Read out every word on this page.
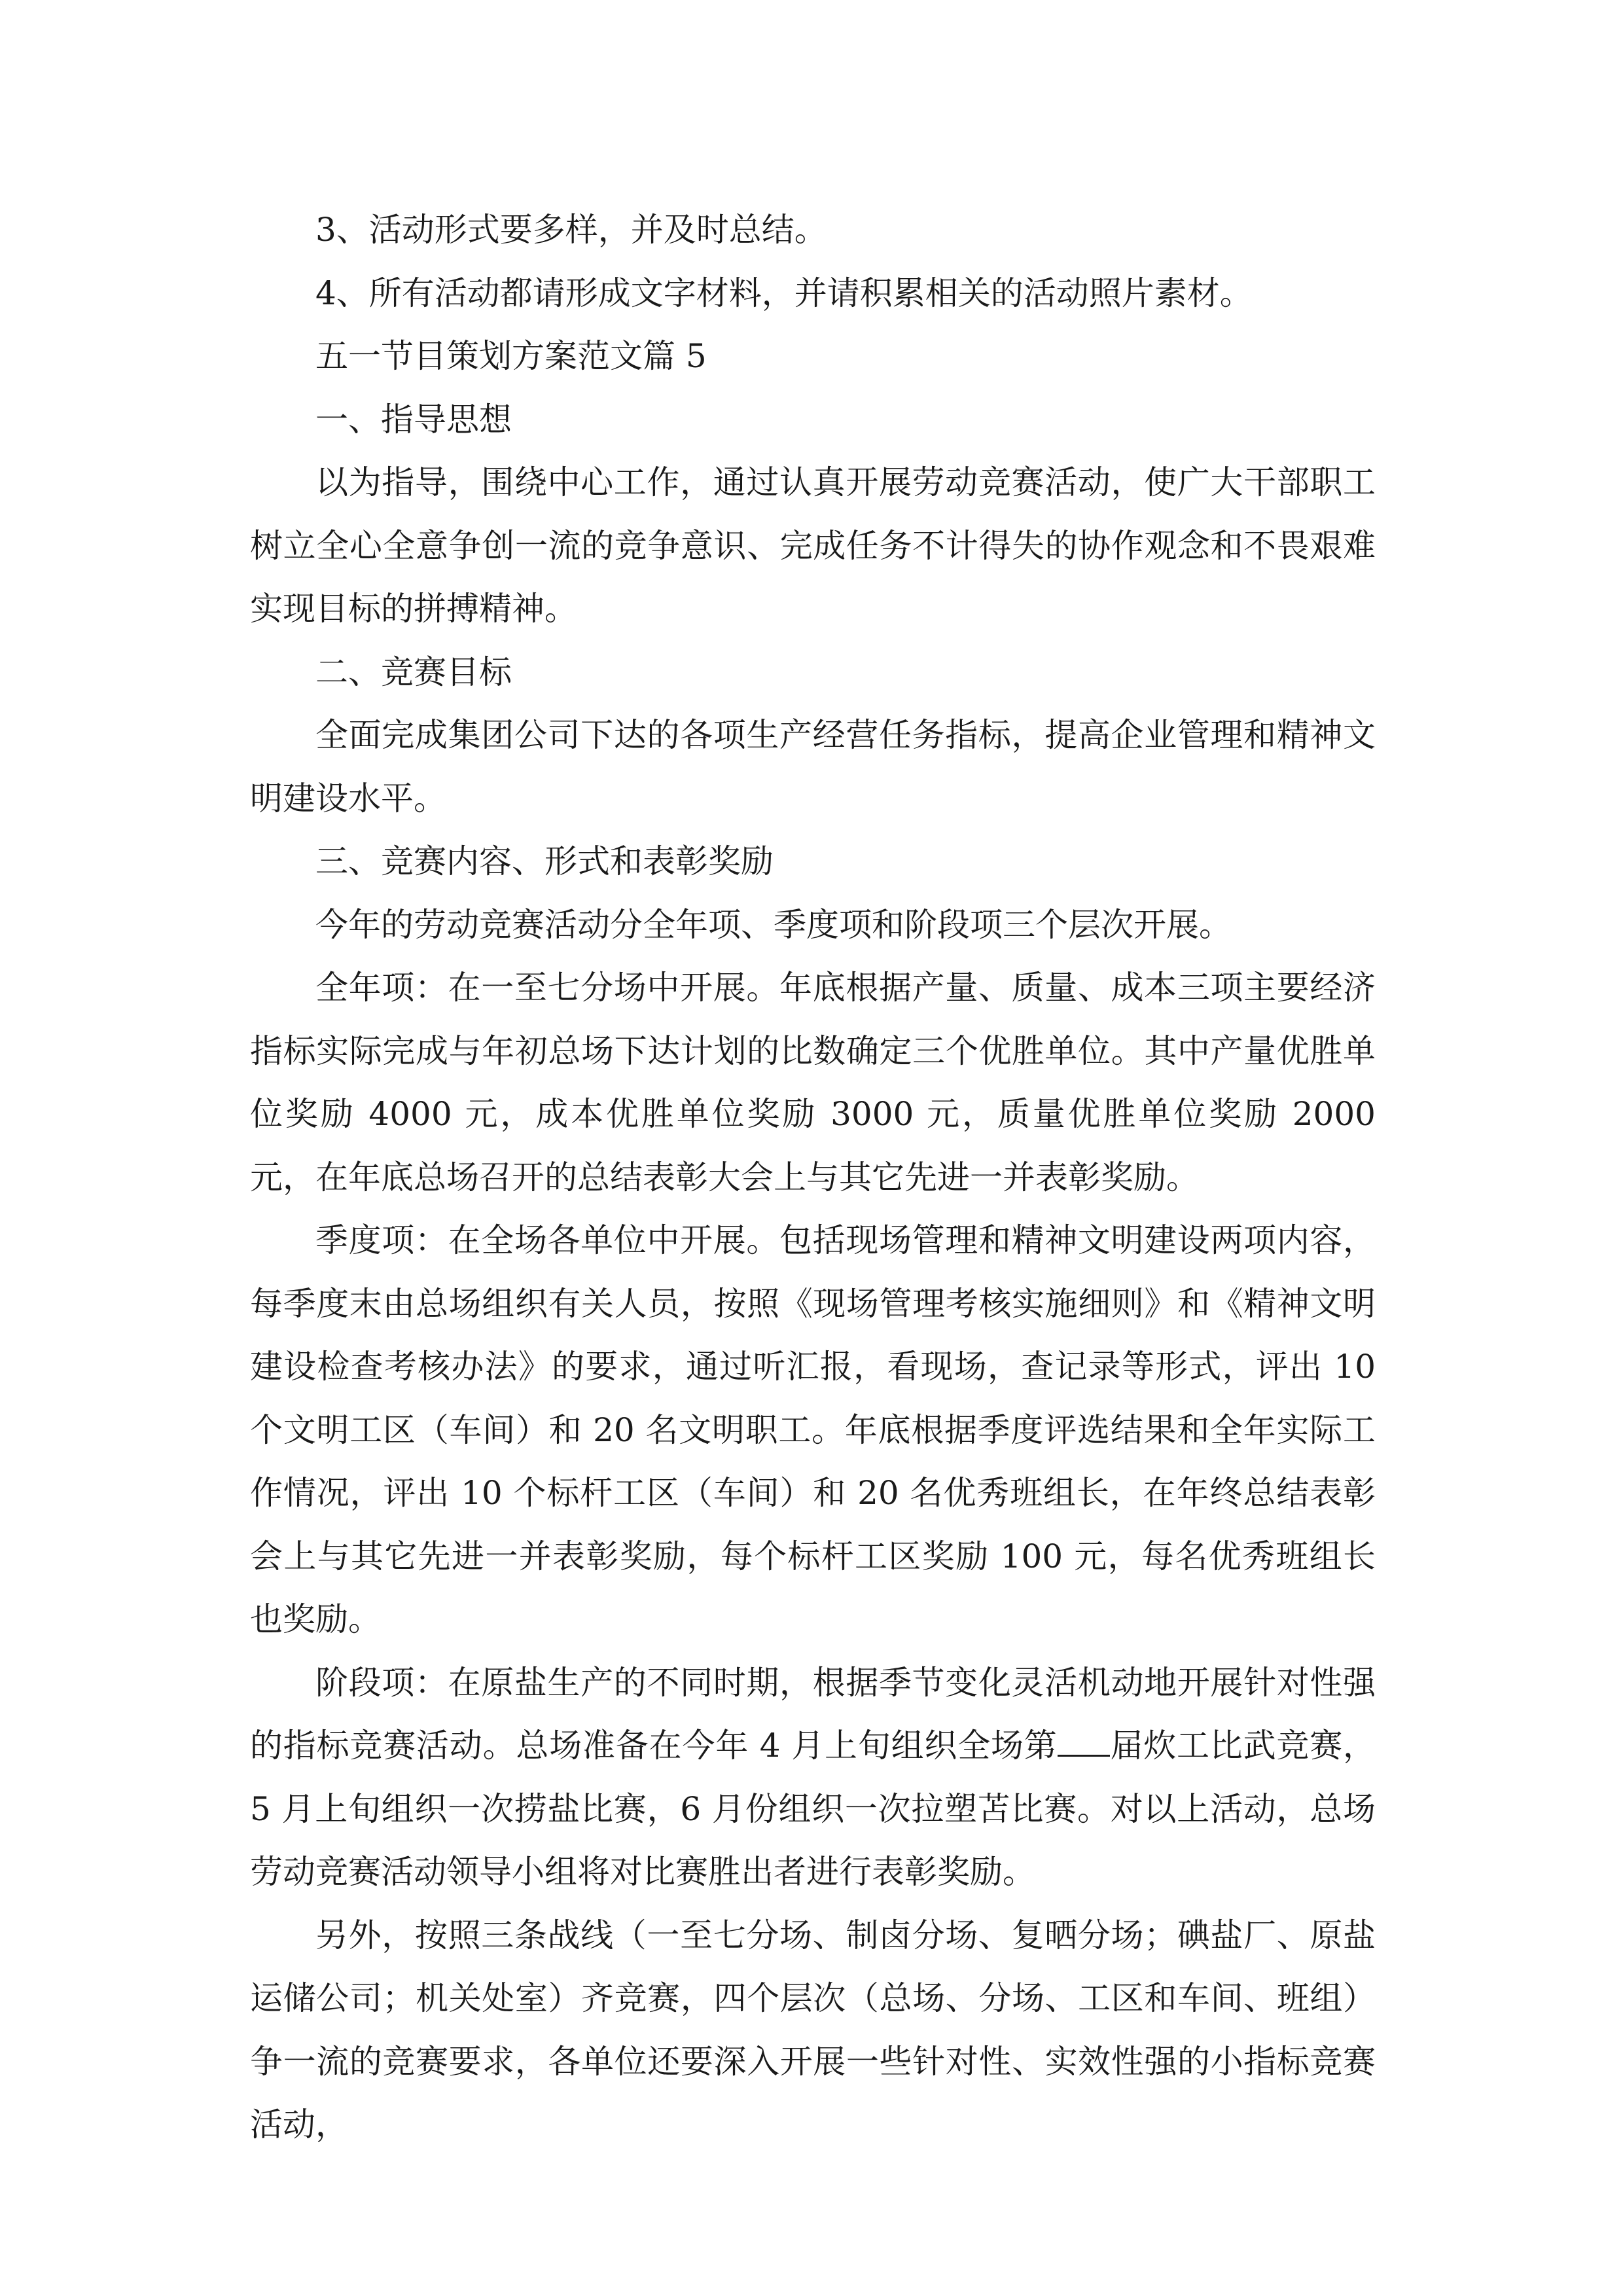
3、活动形式要多样，并及时总结。

4、所有活动都请形成文字材料，并请积累相关的活动照片素材。

五一节目策划方案范文篇 5

一、指导思想

以为指导，围绕中心工作，通过认真开展劳动竞赛活动，使广大干部职工树立全心全意争创一流的竞争意识、完成任务不计得失的协作观念和不畏艰难实现目标的拼搏精神。

二、竞赛目标

全面完成集团公司下达的各项生产经营任务指标，提高企业管理和精神文明建设水平。

三、竞赛内容、形式和表彰奖励

今年的劳动竞赛活动分全年项、季度项和阶段项三个层次开展。

全年项：在一至七分场中开展。年底根据产量、质量、成本三项主要经济指标实际完成与年初总场下达计划的比数确定三个优胜单位。其中产量优胜单位奖励 4000 元，成本优胜单位奖励 3000 元，质量优胜单位奖励 2000 元，在年底总场召开的总结表彰大会上与其它先进一并表彰奖励。

季度项：在全场各单位中开展。包括现场管理和精神文明建设两项内容，每季度末由总场组织有关人员，按照《现场管理考核实施细则》和《精神文明建设检查考核办法》的要求，通过听汇报，看现场，查记录等形式，评出 10 个文明工区（车间）和 20 名文明职工。年底根据季度评选结果和全年实际工作情况，评出 10 个标杆工区（车间）和 20 名优秀班组长，在年终总结表彰会上与其它先进一并表彰奖励，每个标杆工区奖励 100 元，每名优秀班组长也奖励。

阶段项：在原盐生产的不同时期，根据季节变化灵活机动地开展针对性强的指标竞赛活动。总场准备在今年 4 月上旬组织全场第 届炊工比武竞赛，5 月上旬组织一次捞盐比赛，6 月份组织一次拉塑苫比赛。对以上活动，总场劳动竞赛活动领导小组将对比赛胜出者进行表彰奖励。

另外，按照三条战线（一至七分场、制卤分场、复晒分场；碘盐厂、原盐运储公司；机关处室）齐竞赛，四个层次（总场、分场、工区和车间、班组）争一流的竞赛要求，各单位还要深入开展一些针对性、实效性强的小指标竞赛活动，
